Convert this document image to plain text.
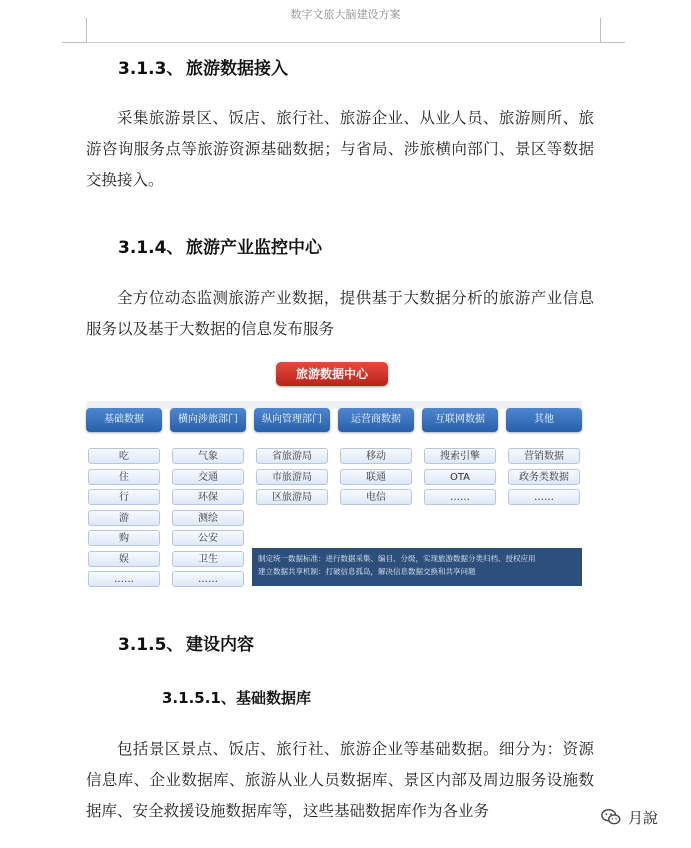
数字文旅大脑建设方案
3.1.3、 旅游数据接入
采集旅游景区、饭店、旅行社、旅游企业、从业人员、旅游厕所、旅游咨询服务点等旅游资源基础数据；与省局、涉旅横向部门、景区等数据交换接入。
3.1.4、 旅游产业监控中心
全方位动态监测旅游产业数据，提供基于大数据分析的旅游产业信息服务以及基于大数据的信息发布服务
旅游数据中心
基础数据
吃
住
行
游
购
娱
……
横向涉旅部门
气象
交通
环保
测绘
公安
卫生
……
纵向管理部门
省旅游局
市旅游局
区旅游局
运营商数据
移动
联通
电信
互联网数据
搜索引擎
OTA
……
其他
营销数据
政务类数据
……
制定统一数据标准：进行数据采集、编目、分级，实现旅游数据分类归档、授权应用
建立数据共享机制：打破信息孤岛，解决信息数据交换和共享问题
3.1.5、 建设内容
3.1.5.1、基础数据库
包括景区景点、饭店、旅行社、旅游企业等基础数据。细分为：资源信息库、企业数据库、旅游从业人员数据库、景区内部及周边服务设施数据库、安全救援设施数据库等，这些基础数据库作为各业务	月說
